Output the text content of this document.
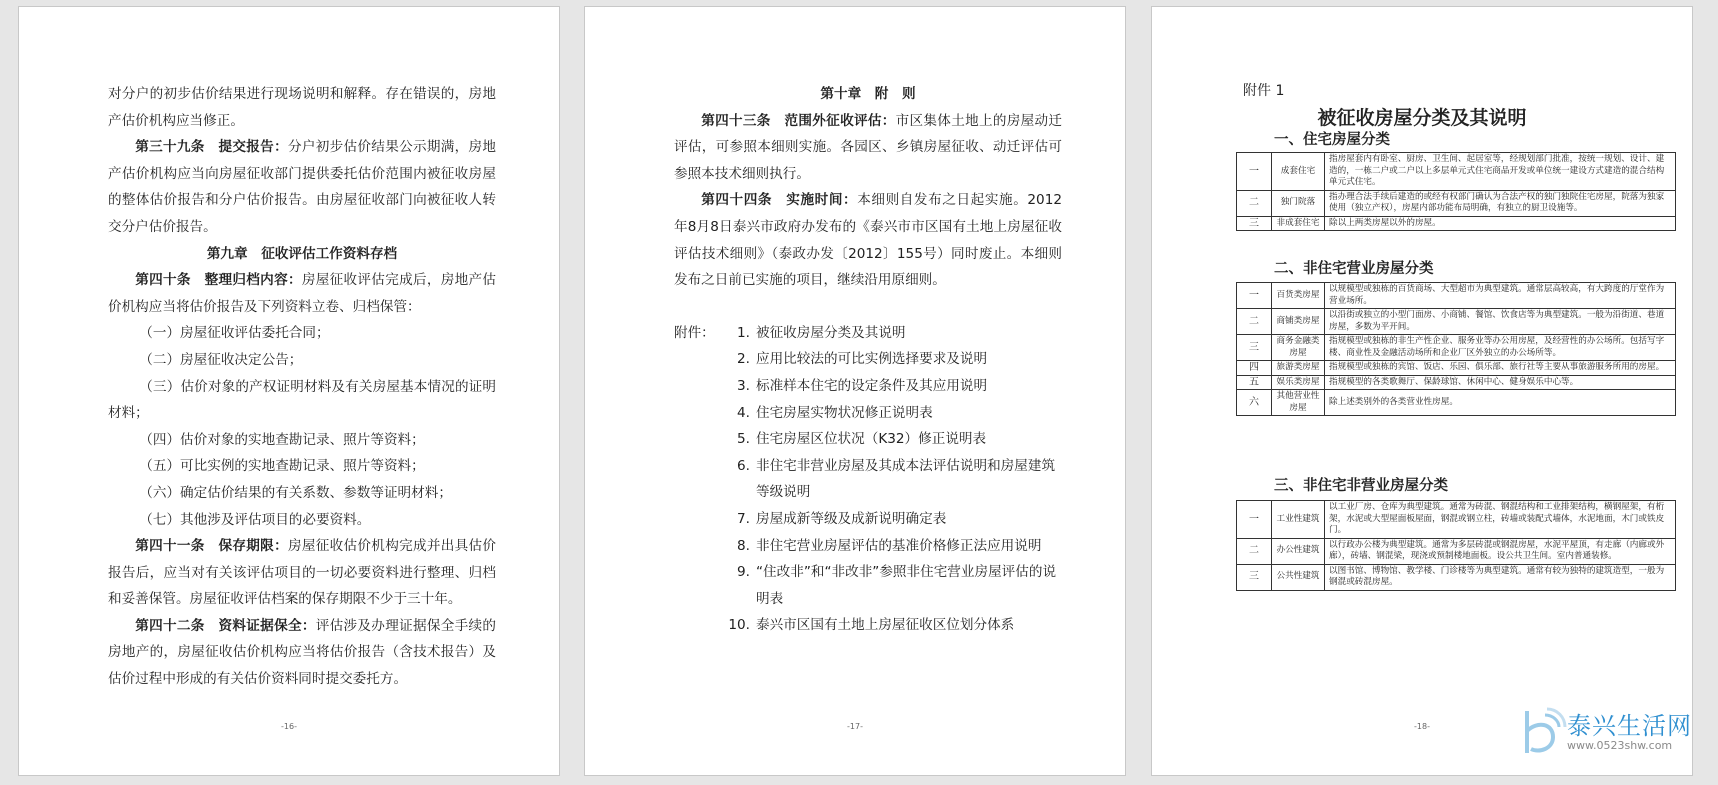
对分户的初步估价结果进行现场说明和解释。存在错误的，房地产估价机构应当修正。

第三十九条　提交报告：分户初步估价结果公示期满，房地产估价机构应当向房屋征收部门提供委托估价范围内被征收房屋的整体估价报告和分户估价报告。由房屋征收部门向被征收人转交分户估价报告。

第九章　征收评估工作资料存档

第四十条　整理归档内容：房屋征收评估完成后，房地产估价机构应当将估价报告及下列资料立卷、归档保管：

（一）房屋征收评估委托合同；

（二）房屋征收决定公告；

（三）估价对象的产权证明材料及有关房屋基本情况的证明材料；

（四）估价对象的实地查勘记录、照片等资料；

（五）可比实例的实地查勘记录、照片等资料；

（六）确定估价结果的有关系数、参数等证明材料；

（七）其他涉及评估项目的必要资料。

第四十一条　保存期限：房屋征收估价机构完成并出具估价报告后，应当对有关该评估项目的一切必要资料进行整理、归档和妥善保管。房屋征收评估档案的保存期限不少于三十年。

第四十二条　资料证据保全：评估涉及办理证据保全手续的房地产的，房屋征收估价机构应当将估价报告（含技术报告）及估价过程中形成的有关估价资料同时提交委托方。

-16-

第十章　附　则

第四十三条　范围外征收评估：市区集体土地上的房屋动迁评估，可参照本细则实施。各园区、乡镇房屋征收、动迁评估可参照本技术细则执行。

第四十四条　实施时间：本细则自发布之日起实施。2012年8月8日泰兴市政府办发布的《泰兴市市区国有土地上房屋征收评估技术细则》（泰政办发〔2012〕155号）同时废止。本细则发布之日前已实施的项目，继续沿用原细则。

附件：	1. 被征收房屋分类及其说明
2. 应用比较法的可比实例选择要求及说明
3. 标准样本住宅的设定条件及其应用说明
4. 住宅房屋实物状况修正说明表
5. 住宅房屋区位状况（K32）修正说明表
6. 非住宅非营业房屋及其成本法评估说明和房屋建筑等级说明
7. 房屋成新等级及成新说明确定表
8. 非住宅营业房屋评估的基准价格修正法应用说明
9. “住改非”和“非改非”参照非住宅营业房屋评估的说明表
10. 泰兴市区国有土地上房屋征收区位划分体系
-17-
附件 1
被征收房屋分类及其说明
一、住宅房屋分类
一	成套住宅	指房屋套内有卧室、厨房、卫生间、起居室等，经规划部门批准，按统一规划、设计、建造的，一栋二户或二户以上多层单元式住宅商品开发或单位统一建设方式建造的混合结构单元式住宅。
二	独门院落	指办理合法手续后建造的或经有权部门确认为合法产权的独门独院住宅房屋，院落为独家使用（独立产权），房屋内部功能布局明确，有独立的厨卫设施等。
三	非成套住宅	除以上两类房屋以外的房屋。
二、非住宅营业房屋分类
一	百货类房屋	以规模型或独栋的百货商场、大型超市为典型建筑。通常层高较高，有大跨度的厅堂作为营业场所。
二	商铺类房屋	以沿街或独立的小型门面房、小商铺、餐馆、饮食店等为典型建筑。一般为沿街道、巷道房屋，多数为平开间。
三	商务金融类房屋	指规模型或独栋的非生产性企业、服务业等办公用房屋，及经营性的办公场所。包括写字楼、商业性及金融活动场所和企业厂区外独立的办公场所等。
四	旅游类房屋	指规模型或独栋的宾馆、饭店、乐园、俱乐部、旅行社等主要从事旅游服务所用的房屋。
五	娱乐类房屋	指规模型的各类歌舞厅、保龄球馆、休闲中心、健身娱乐中心等。
六	其他营业性房屋	除上述类别外的各类营业性房屋。
三、非住宅非营业房屋分类
一	工业性建筑	以工业厂房、仓库为典型建筑。通常为砖混、钢混结构和工业排架结构，横钢屋架，有桁架，水泥或大型屋面板屋面，钢混或钢立柱，砖墙或装配式墙体，水泥地面，木门或铁皮门。
二	办公性建筑	以行政办公楼为典型建筑。通常为多层砖混或钢混房屋，水泥平屋顶，有走廊（内廊或外廊），砖墙、钢混梁，现浇或预制楼地面板。设公共卫生间。室内普通装修。
三	公共性建筑	以图书馆、博物馆、教学楼、门诊楼等为典型建筑。通常有较为独特的建筑造型，一般为钢混或砖混房屋。
-18-	泰兴生活网
www.0523shw.com
